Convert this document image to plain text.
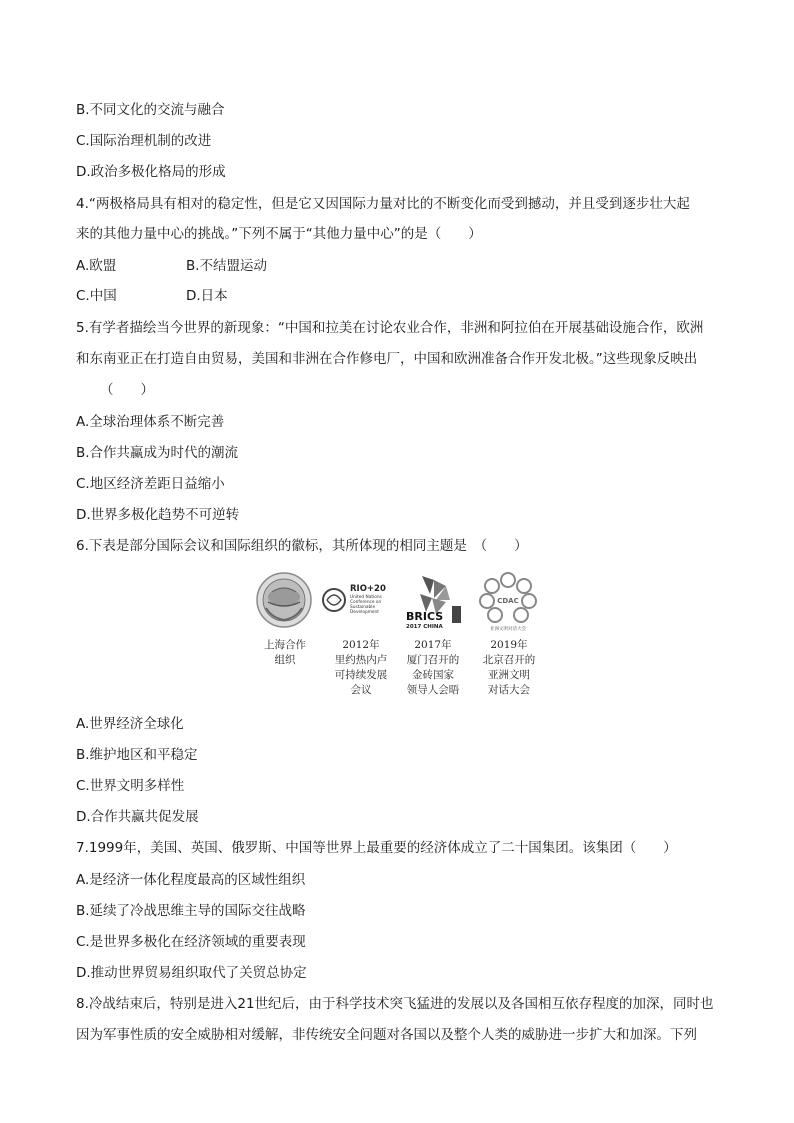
B.不同文化的交流与融合
C.国际治理机制的改进
D.政治多极化格局的形成
4.“两极格局具有相对的稳定性，但是它又因国际力量对比的不断变化而受到撼动，并且受到逐步壮大起
来的其他力量中心的挑战。”下列不属于“其他力量中心”的是（　　）
A.欧盟	B.不结盟运动
C.中国	D.日本
5.有学者描绘当今世界的新现象：“中国和拉美在讨论农业合作，非洲和阿拉伯在开展基础设施合作，欧洲
和东南亚正在打造自由贸易，美国和非洲在合作修电厂，中国和欧洲准备合作开发北极。”这些现象反映出
（　　）
A.全球治理体系不断完善
B.合作共赢成为时代的潮流
C.地区经济差距日益缩小
D.世界多极化趋势不可逆转
6.下表是部分国际会议和国际组织的徽标，其所体现的相同主题是　（　　）
RIO+20
United Nations
Conference on
Sustainable
Development BRICS
2017 CHINA
CDAC
亚洲文明对话大会
上海合作
组织
2012年
里约热内卢
可持续发展
会议
2017年
厦门召开的
金砖国家
领导人会晤
2019年
北京召开的
亚洲文明
对话大会
A.世界经济全球化
B.维护地区和平稳定
C.世界文明多样性
D.合作共赢共促发展
7.1999年，美国、英国、俄罗斯、中国等世界上最重要的经济体成立了二十国集团。该集团（　　）
A.是经济一体化程度最高的区域性组织
B.延续了冷战思维主导的国际交往战略
C.是世界多极化在经济领域的重要表现
D.推动世界贸易组织取代了关贸总协定
8.冷战结束后，特别是进入21世纪后，由于科学技术突飞猛进的发展以及各国相互依存程度的加深，同时也
因为军事性质的安全威胁相对缓解，非传统安全问题对各国以及整个人类的威胁进一步扩大和加深。下列
